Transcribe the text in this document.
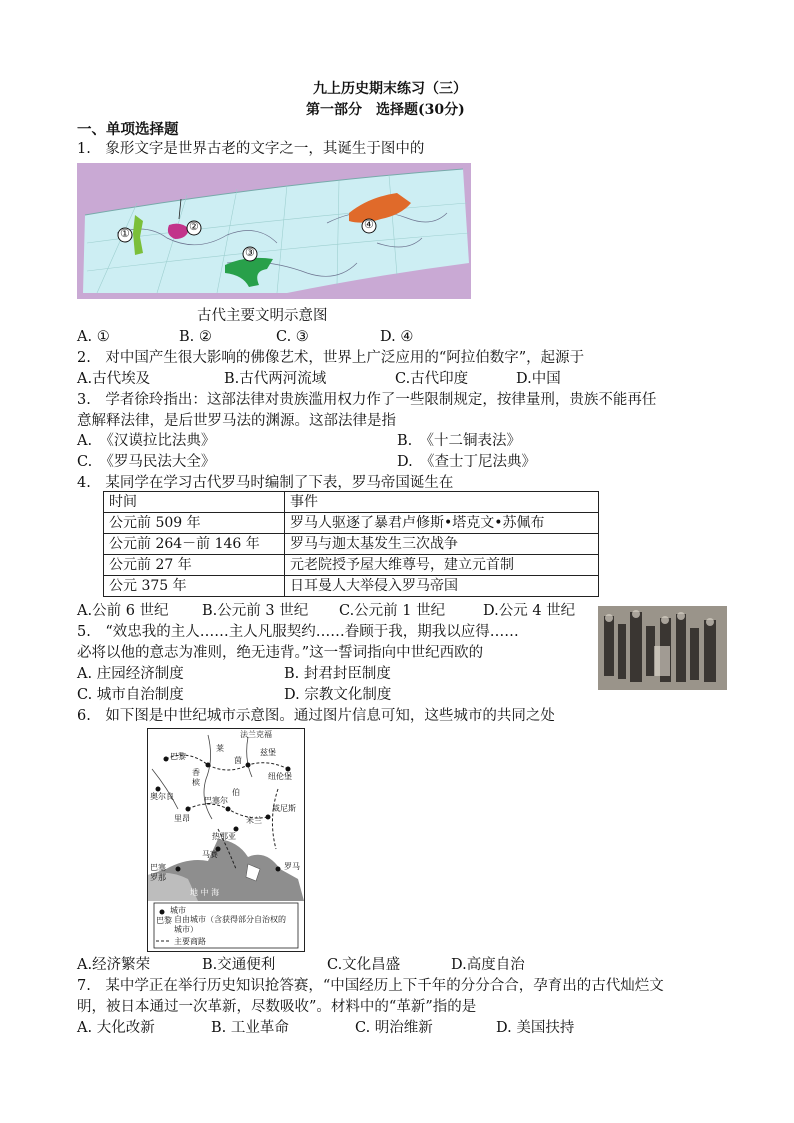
九上历史期末练习（三）
第一部分　选择题(30分)
一、单项选择题
1.　象形文字是世界古老的文字之一，其诞生于图中的
①
②
③
④
古代主要文明示意图
A. ①	B. ②	C. ③	D. ④
2.　对中国产生很大影响的佛像艺术，世界上广泛应用的“阿拉伯数字”，起源于
A.古代埃及	B.古代两河流域	C.古代印度	D.中国
3.　学者徐玲指出：这部法律对贵族滥用权力作了一些限制规定，按律量刑，贵族不能再任
意解释法律，是后世罗马法的渊源。这部法律是指
A.　《汉谟拉比法典》	B.　《十二铜表法》
C.　《罗马民法大全》	D.　《查士丁尼法典》
4.　某同学在学习古代罗马时编制了下表，罗马帝国诞生在
时间	事件
公元前 509 年	罗马人驱逐了暴君卢修斯•塔克文•苏佩布
公元前 264－前 146 年	罗马与迦太基发生三次战争
公元前 27 年	元老院授予屋大维尊号，建立元首制
公元 375 年	日耳曼人大举侵入罗马帝国
A.公前 6 世纪 B.公元前 3 世纪 C.公元前 1 世纪	D.公元 4 世纪
5.　“效忠我的主人……主人凡服契约……眷顾于我，期我以应得……
必将以他的意志为准则，绝无违背。”这一誓词指向中世纪西欧的
A. 庄园经济制度	B. 封君封臣制度
C. 城市自治制度	D. 宗教文化制度
6.　如下图是中世纪城市示意图。通过图片信息可知，这些城市的共同之处
法兰克福
莱
茵
兹堡
巴黎
奥尔良
里昂
巴塞尔
伯
威尼斯
米兰
热那亚
马赛
巴塞罗那
罗马
地 中 海
香
槟
纽伦堡
城市
巴黎 自由城市（含获得部分自治权的城市）
主要商路
A.经济繁荣	B.交通便利	C.文化昌盛	D.高度自治
7.　某中学正在举行历史知识抢答赛，“中国经历上下千年的分分合合，孕育出的古代灿烂文
明，被日本通过一次革新，尽数吸收”。材料中的“革新”指的是
A. 大化改新	B. 工业革命	C. 明治维新	D. 美国扶持
